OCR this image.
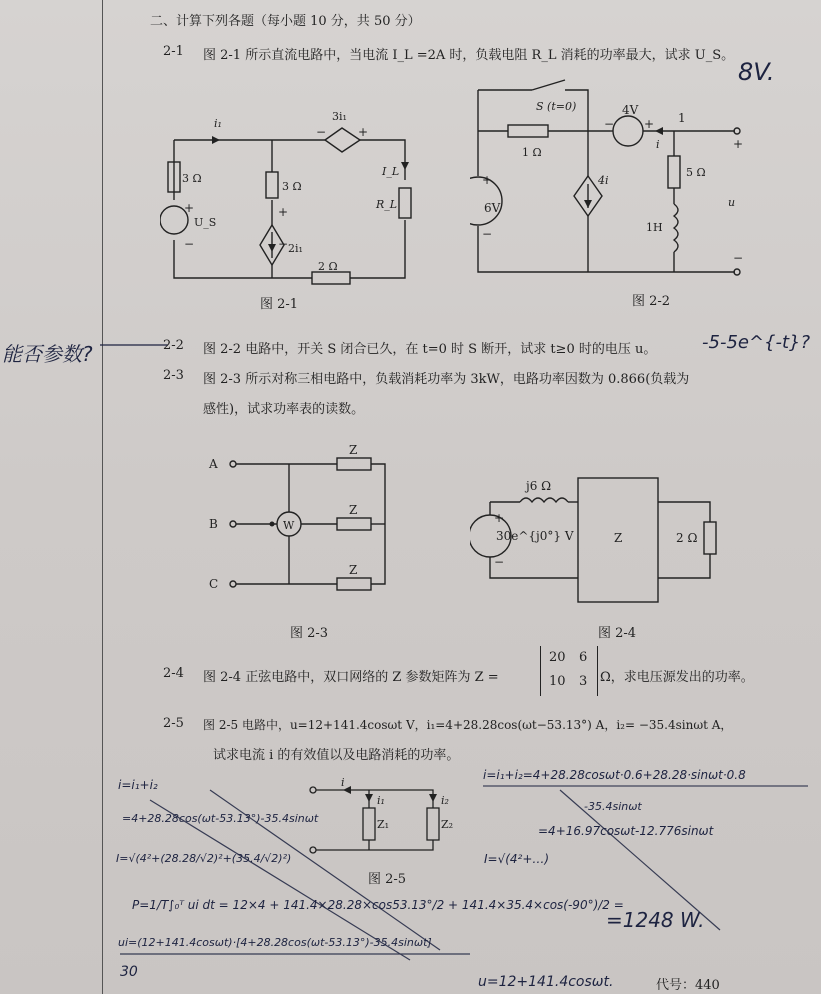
二、计算下列各题（每小题 10 分，共 50 分）
2-1 图 2-1 所示直流电路中，当电流 I_L =2A 时，负载电阻 R_L 消耗的功率最大，试求 U_S。
8V.
3 Ω
3 Ω
2 Ω
3i₁
2i₁
i₁
I_L
R_L
U_S
−	+
+
−
+
−
图 2-1
S (t=0)
1 Ω
5 Ω
1H
6V
4V
4i
i
1
u
− +
+
−
+
−
图 2-2
能否参数?	2-2 图 2-2 电路中，开关 S 闭合已久，在 t=0 时 S 断开，试求 t≥0 时的电压 u。	-5-5e^{-t}?
2-3 图 2-3 所示对称三相电路中，负载消耗功率为 3kW，电路功率因数为 0.866(负载为
感性)，试求功率表的读数。
A
B
C
Z
Z
Z
W
图 2-3
j6 Ω
30e^{j0°} V	Z	2 Ω
+
−
图 2-4
2-4 图 2-4 正弦电路中，双口网络的 Z 参数矩阵为 Z =
20 6
10 3 Ω，求电压源发出的功率。
2-5 图 2-5 电路中，u=12+141.4cosωt V，i₁=4+28.28cos(ωt−53.13°) A，i₂= −35.4sinωt A，
试求电流 i 的有效值以及电路消耗的功率。
Z₁	Z₂
i
i₁	i₂
图 2-5
i=i₁+i₂
=4+28.28cos(ωt-53.13°)-35.4sinωt
I=√(4²+(28.28/√2)²+(35.4/√2)²)
i=i₁+i₂=4+28.28cosωt·0.6+28.28·sinωt·0.8
-35.4sinωt
=4+16.97cosωt-12.776sinωt
I=√(4²+…)
P=1/T∫₀ᵀ ui dt = 12×4 + 141.4×28.28×cos53.13°/2 + 141.4×35.4×cos(-90°)/2 =
=1248 W.
ui=(12+141.4cosωt)·[4+28.28cos(ωt-53.13°)-35.4sinωt]
30
u=12+141.4cosωt.	代号：440
